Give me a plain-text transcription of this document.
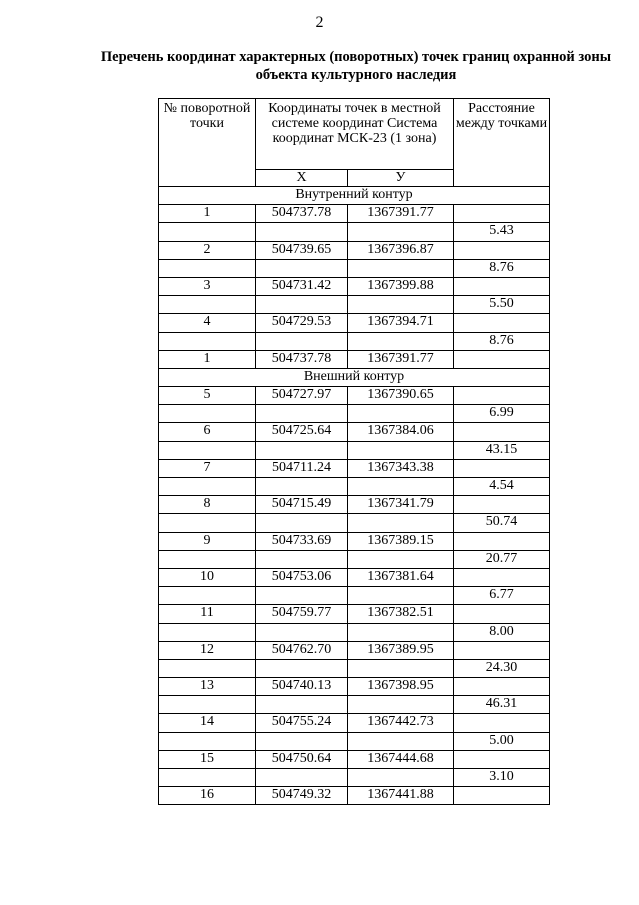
2
Перечень координат характерных (поворотных) точек границ охранной зоны объекта культурного наследия
№ поворотной точки	Координаты точек в местной системе координат Система координат МСК-23 (1 зона)		Расстояние между точками
	X	У	
Внутренний контур			
1	504737.78	1367391.77	
			5.43
2	504739.65	1367396.87	
			8.76
3	504731.42	1367399.88	
			5.50
4	504729.53	1367394.71	
			8.76
1	504737.78	1367391.77	
Внешний контур			
5	504727.97	1367390.65	
			6.99
6	504725.64	1367384.06	
			43.15
7	504711.24	1367343.38	
			4.54
8	504715.49	1367341.79	
			50.74
9	504733.69	1367389.15	
			20.77
10	504753.06	1367381.64	
			6.77
11	504759.77	1367382.51	
			8.00
12	504762.70	1367389.95	
			24.30
13	504740.13	1367398.95	
			46.31
14	504755.24	1367442.73	
			5.00
15	504750.64	1367444.68	
			3.10
16	504749.32	1367441.88	
